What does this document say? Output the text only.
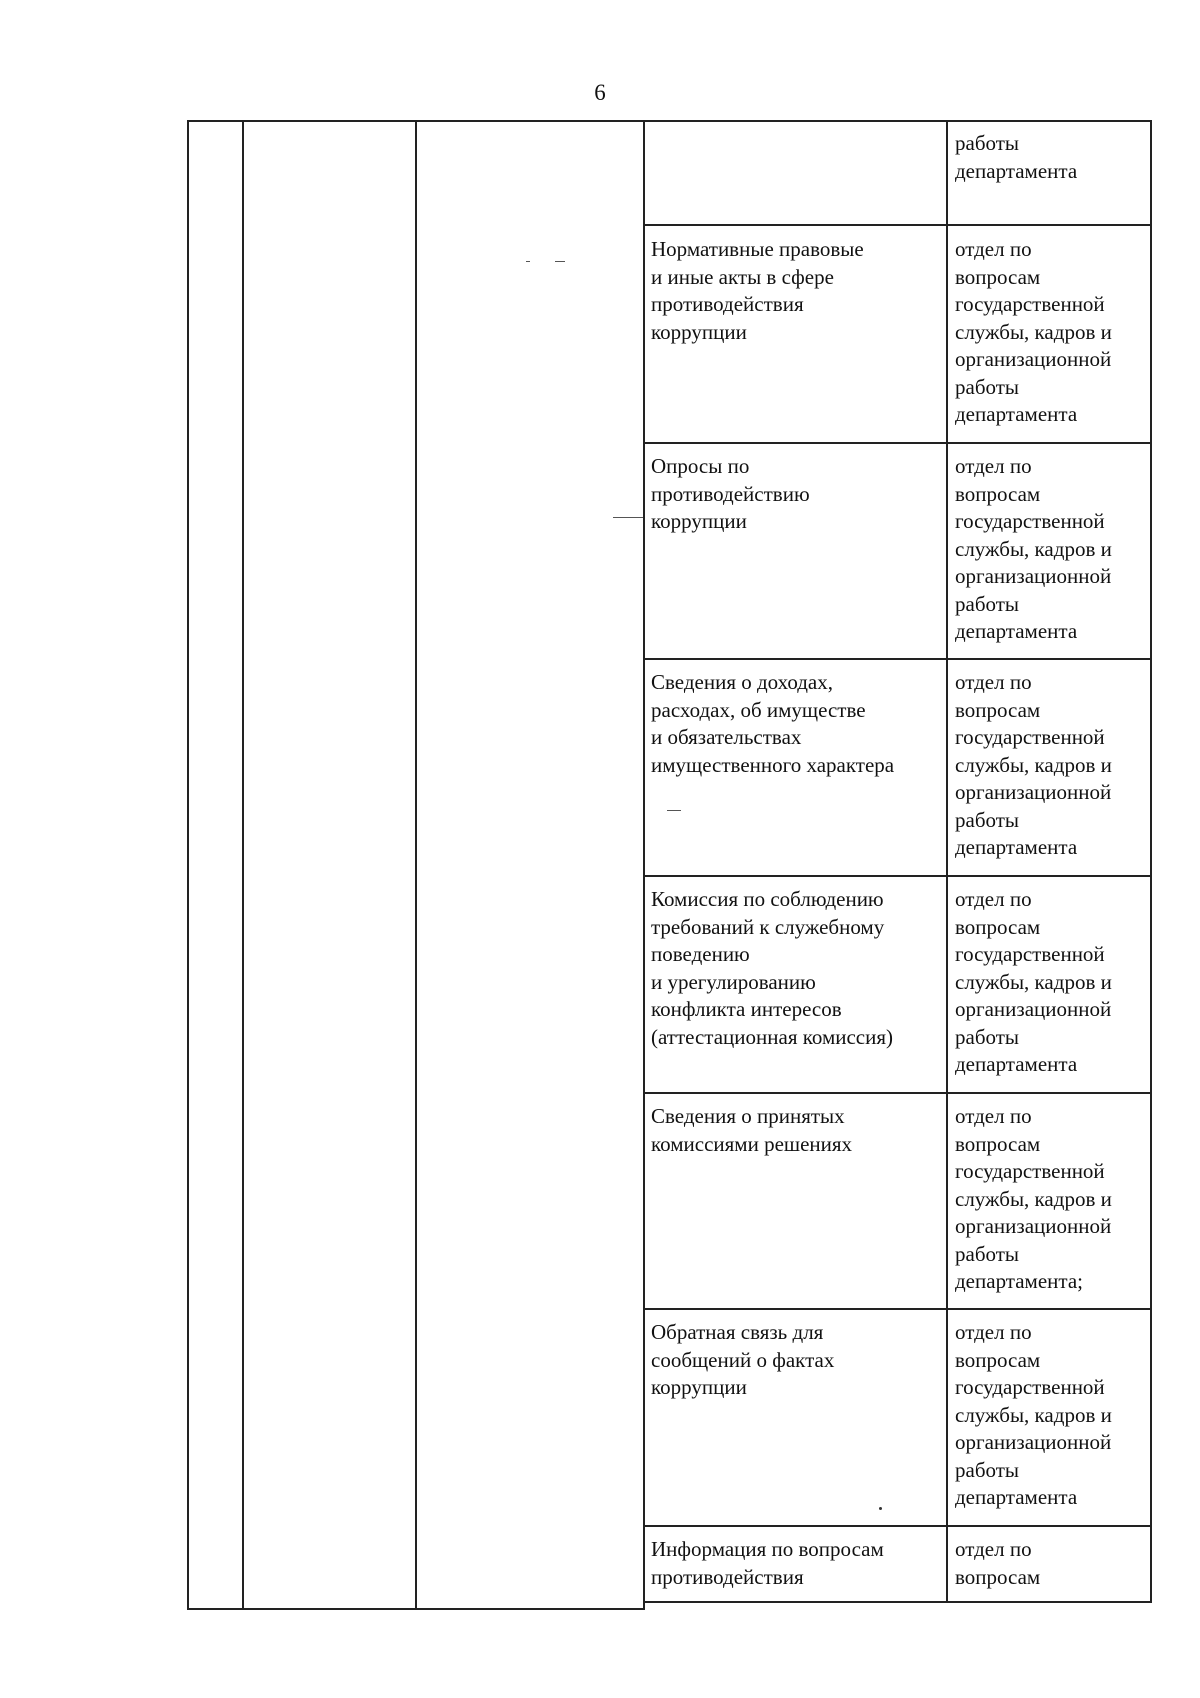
6
работы
департамента
Нормативные правовые
и иные акты в сфере
противодействия
коррупции
отдел по
вопросам
государственной
службы, кадров и
организационной
работы
департамента
Опросы по
противодействию
коррупции
отдел по
вопросам
государственной
службы, кадров и
организационной
работы
департамента
Сведения о доходах,
расходах, об имуществе
и обязательствах
имущественного характера
отдел по
вопросам
государственной
службы, кадров и
организационной
работы
департамента
Комиссия по соблюдению
требований к служебному
поведению
и урегулированию
конфликта интересов
(аттестационная комиссия)
отдел по
вопросам
государственной
службы, кадров и
организационной
работы
департамента
Сведения о принятых
комиссиями решениях
отдел по
вопросам
государственной
службы, кадров и
организационной
работы
департамента;
Обратная связь для
сообщений о фактах
коррупции
отдел по
вопросам
государственной
службы, кадров и
организационной
работы
департамента
Информация по вопросам
противодействия
отдел по
вопросам
